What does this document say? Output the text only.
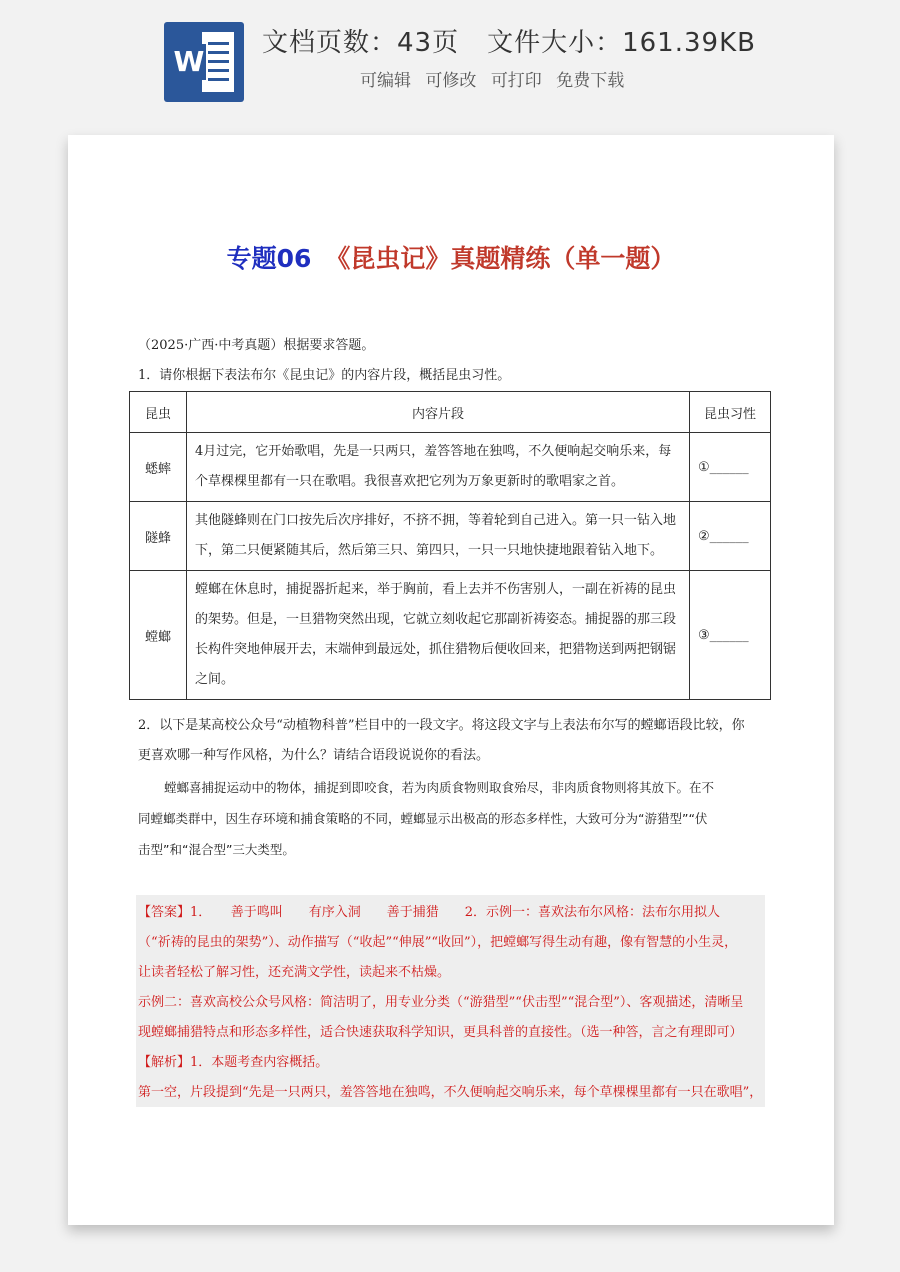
W
文档页数：43页 文件大小：161.39KB
可编辑 可修改 可打印 免费下载
专题06 《昆虫记》真题精练（单一题）
（2025·广西·中考真题）根据要求答题。
1．请你根据下表法布尔《昆虫记》的内容片段，概括昆虫习性。
昆虫	内容片段	昆虫习性
蟋蟀	4月过完，它开始歌唱，先是一只两只，羞答答地在独鸣，不久便响起交响乐来，每
个草棵棵里都有一只在歌唱。我很喜欢把它列为万象更新时的歌唱家之首。	①______
隧蜂	其他隧蜂则在门口按先后次序排好，不挤不拥，等着轮到自己进入。第一只一钻入地
下，第二只便紧随其后，然后第三只、第四只，一只一只地快捷地跟着钻入地下。	②______
螳螂	螳螂在休息时，捕捉器折起来，举于胸前，看上去并不伤害别人，一副在祈祷的昆虫
的架势。但是，一旦猎物突然出现，它就立刻收起它那副祈祷姿态。捕捉器的那三段
长构件突地伸展开去，末端伸到最远处，抓住猎物后便收回来，把猎物送到两把钢锯
之间。	③______
2．以下是某高校公众号“动植物科普”栏目中的一段文字。将这段文字与上表法布尔写的螳螂语段比较，你
更喜欢哪一种写作风格，为什么？请结合语段说说你的看法。
螳螂喜捕捉运动中的物体，捕捉到即咬食，若为肉质食物则取食殆尽，非肉质食物则将其放下。在不
同螳螂类群中，因生存环境和捕食策略的不同，螳螂显示出极高的形态多样性，大致可分为“游猎型”“伏
击型”和“混合型”三大类型。
【答案】1．　　善于鸣叫　　有序入洞　　善于捕猎　　2．示例一：喜欢法布尔风格：法布尔用拟人
（“祈祷的昆虫的架势”）、动作描写（“收起”“伸展”“收回”），把螳螂写得生动有趣，像有智慧的小生灵，
让读者轻松了解习性，还充满文学性，读起来不枯燥。
示例二：喜欢高校公众号风格：简洁明了，用专业分类（“游猎型”“伏击型”“混合型”）、客观描述，清晰呈
现螳螂捕猎特点和形态多样性，适合快速获取科学知识，更具科普的直接性。（选一种答，言之有理即可）
【解析】1．本题考查内容概括。
第一空，片段提到“先是一只两只，羞答答地在独鸣，不久便响起交响乐来，每个草棵棵里都有一只在歌唱”，
